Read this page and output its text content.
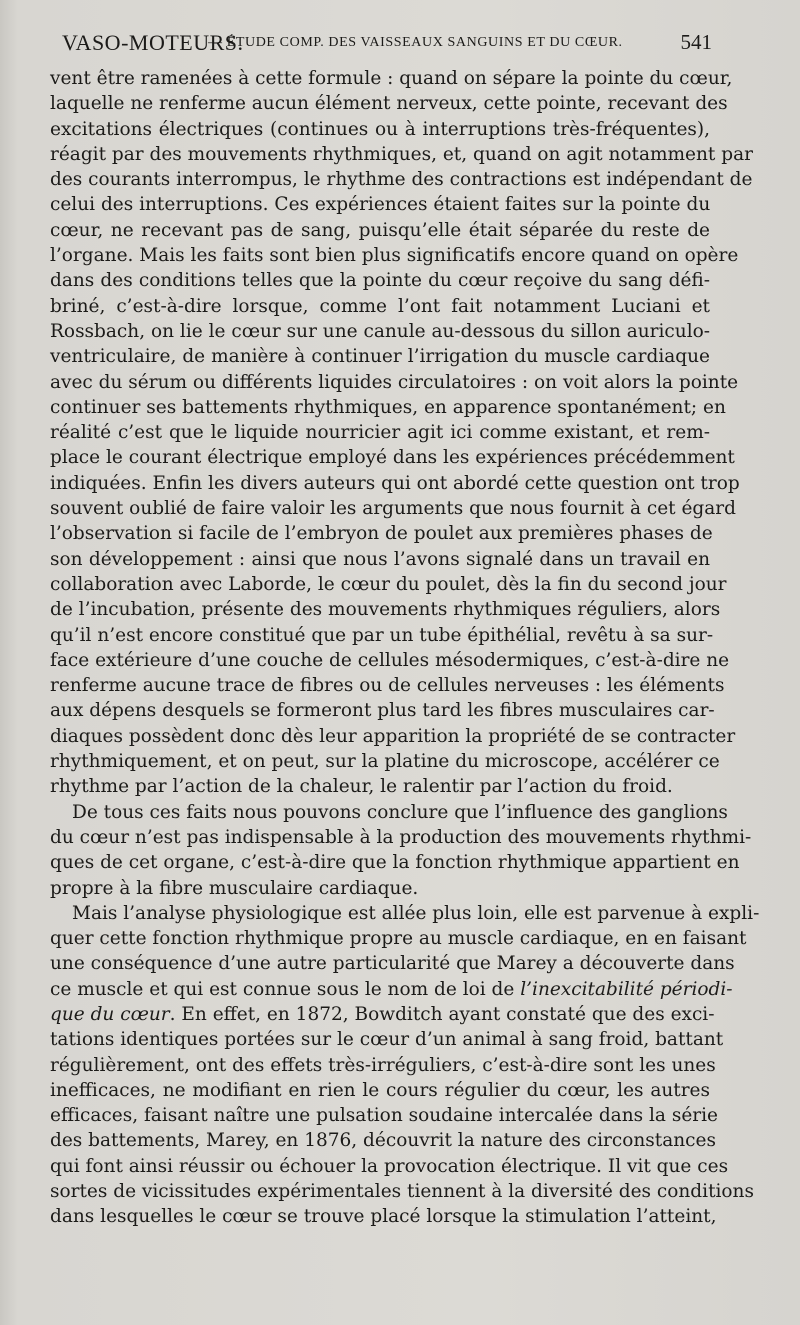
VASO-MOTEURS.
— ÉTUDE COMP. DES VAISSEAUX SANGUINS ET DU CŒUR.	541
vent être ramenées à cette formule : quand on sépare la pointe du cœur,
laquelle ne renferme aucun élément nerveux, cette pointe, recevant des
excitations électriques (continues ou à interruptions très-fréquentes),
réagit par des mouvements rhythmiques, et, quand on agit notamment par
des courants interrompus, le rhythme des contractions est indépendant de
celui des interruptions. Ces expériences étaient faites sur la pointe du
cœur, ne recevant pas de sang, puisqu’elle était séparée du reste de
l’organe. Mais les faits sont bien plus significatifs encore quand on opère
dans des conditions telles que la pointe du cœur reçoive du sang défi-
briné, c’est-à-dire lorsque, comme l’ont fait notamment Luciani et
Rossbach, on lie le cœur sur une canule au-dessous du sillon auriculo-
ventriculaire, de manière à continuer l’irrigation du muscle cardiaque
avec du sérum ou différents liquides circulatoires : on voit alors la pointe
continuer ses battements rhythmiques, en apparence spontanément; en
réalité c’est que le liquide nourricier agit ici comme existant, et rem-
place le courant électrique employé dans les expériences précédemment
indiquées. Enfin les divers auteurs qui ont abordé cette question ont trop
souvent oublié de faire valoir les arguments que nous fournit à cet égard
l’observation si facile de l’embryon de poulet aux premières phases de
son développement : ainsi que nous l’avons signalé dans un travail en
collaboration avec Laborde, le cœur du poulet, dès la fin du second jour
de l’incubation, présente des mouvements rhythmiques réguliers, alors
qu’il n’est encore constitué que par un tube épithélial, revêtu à sa sur-
face extérieure d’une couche de cellules mésodermiques, c’est-à-dire ne
renferme aucune trace de fibres ou de cellules nerveuses : les éléments
aux dépens desquels se formeront plus tard les fibres musculaires car-
diaques possèdent donc dès leur apparition la propriété de se contracter
rhythmiquement, et on peut, sur la platine du microscope, accélérer ce
rhythme par l’action de la chaleur, le ralentir par l’action du froid.
De tous ces faits nous pouvons conclure que l’influence des ganglions
du cœur n’est pas indispensable à la production des mouvements rhythmi-
ques de cet organe, c’est-à-dire que la fonction rhythmique appartient en
propre à la fibre musculaire cardiaque.
Mais l’analyse physiologique est allée plus loin, elle est parvenue à expli-
quer cette fonction rhythmique propre au muscle cardiaque, en en faisant
une conséquence d’une autre particularité que Marey a découverte dans
ce muscle et qui est connue sous le nom de loi de l’inexcitabilité périodi-
que du cœur. En effet, en 1872, Bowditch ayant constaté que des exci-
tations identiques portées sur le cœur d’un animal à sang froid, battant
régulièrement, ont des effets très-irréguliers, c’est-à-dire sont les unes
inefficaces, ne modifiant en rien le cours régulier du cœur, les autres
efficaces, faisant naître une pulsation soudaine intercalée dans la série
des battements, Marey, en 1876, découvrit la nature des circonstances
qui font ainsi réussir ou échouer la provocation électrique. Il vit que ces
sortes de vicissitudes expérimentales tiennent à la diversité des conditions
dans lesquelles le cœur se trouve placé lorsque la stimulation l’atteint,
